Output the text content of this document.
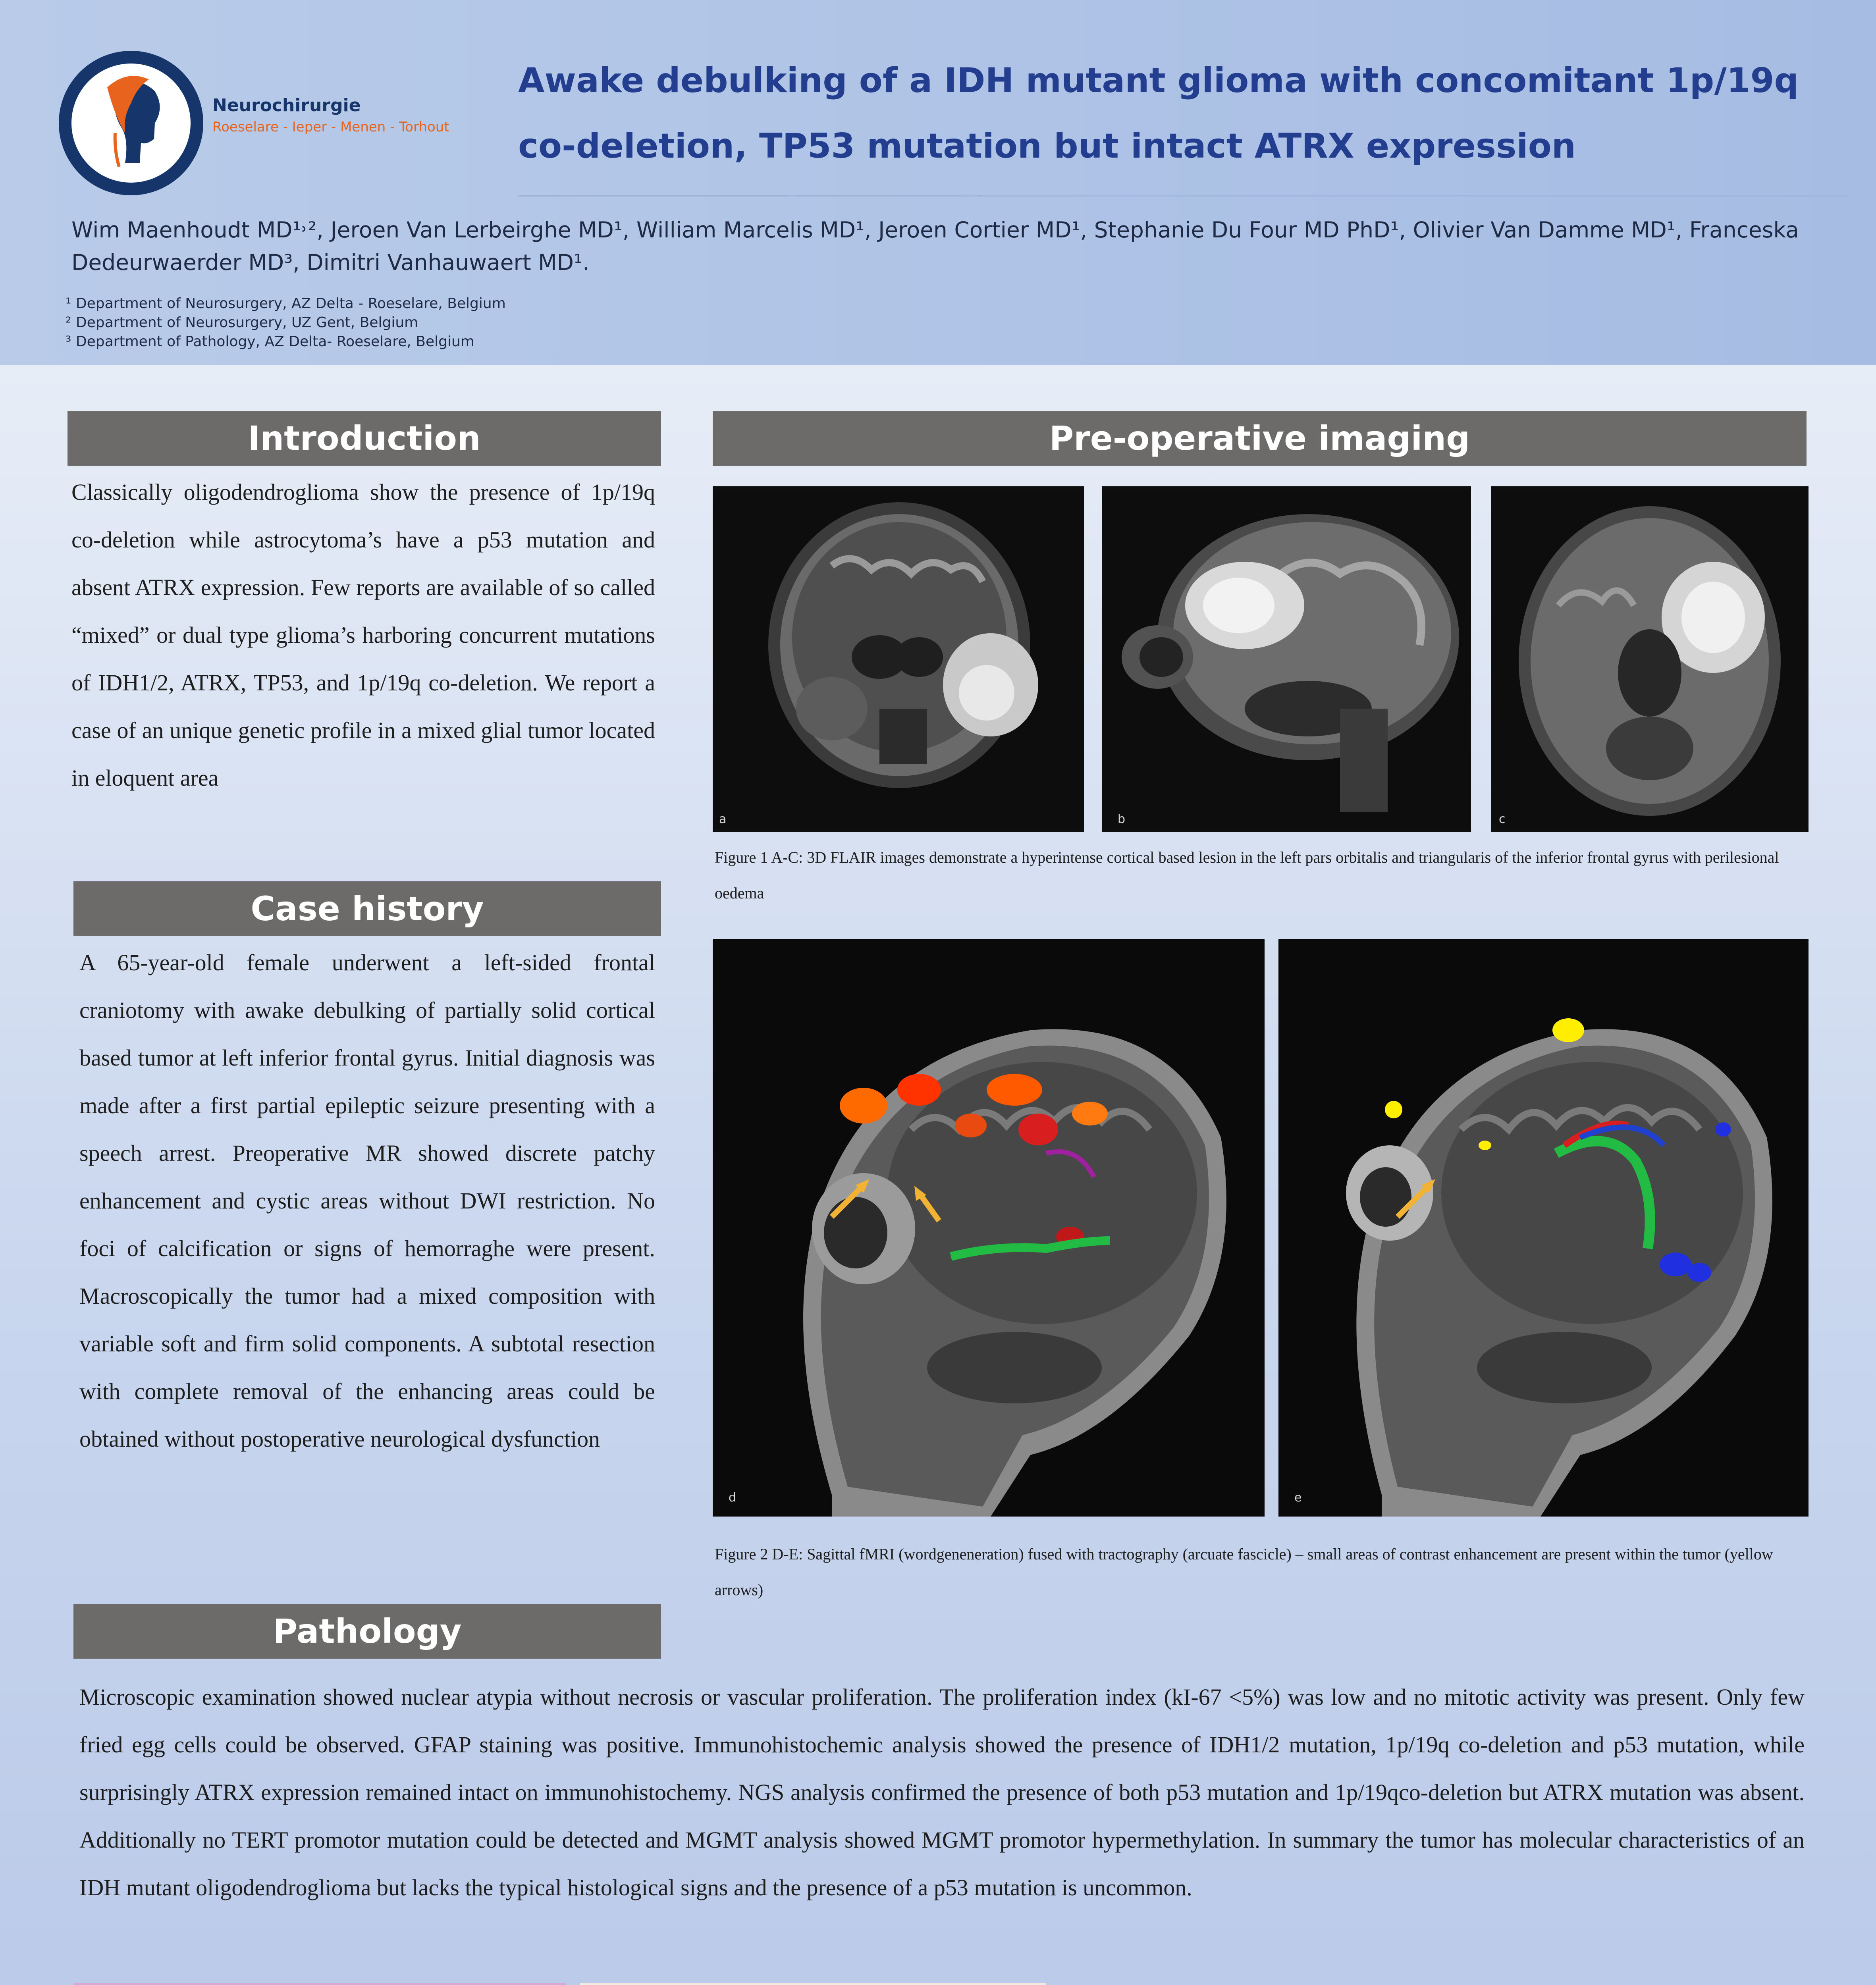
Neurochirurgie
Roeselare - Ieper - Menen - Torhout
Awake debulking of a IDH mutant glioma with concomitant 1p/19q
co-deletion, TP53 mutation but intact ATRX expression
Wim Maenhoudt MD¹˒², Jeroen Van Lerbeirghe MD¹, William Marcelis MD¹, Jeroen Cortier MD¹, Stephanie Du Four MD PhD¹, Olivier Van Damme MD¹, Franceska
Dedeurwaerder MD³, Dimitri Vanhauwaert MD¹.
¹ Department of Neurosurgery, AZ Delta - Roeselare, Belgium
² Department of Neurosurgery, UZ Gent, Belgium
³ Department of Pathology, AZ Delta- Roeselare, Belgium
Introduction
Classically oligodendroglioma show the presence of 1p/19q co-deletion while astrocytoma’s have a p53 mutation and absent ATRX expression. Few reports are available of so called “mixed” or dual type glioma’s harboring concurrent mutations of IDH1/2, ATRX, TP53, and 1p/19q co-deletion. We report a case of an unique genetic profile in a mixed glial tumor located in eloquent area
Case history
A 65-year-old female underwent a left-sided frontal craniotomy with awake debulking of partially solid cortical based tumor at left inferior frontal gyrus. Initial diagnosis was made after a first partial epileptic seizure presenting with a speech arrest. Preoperative MR showed discrete patchy enhancement and cystic areas without DWI restriction. No foci of calcification or signs of hemorraghe were present. Macroscopically the tumor had a mixed composition with variable soft and firm solid components. A subtotal resection with complete removal of the enhancing areas could be obtained without postoperative neurological dysfunction
Pre-operative imaging
a	b	c
Figure 1 A-C: 3D FLAIR images demonstrate a hyperintense cortical based lesion in the left pars orbitalis and triangularis of the inferior frontal gyrus with perilesional oedema
d	e
Figure 2 D-E: Sagittal fMRI (wordgeneneration) fused with tractography (arcuate fascicle) – small areas of contrast enhancement are present within the tumor (yellow arrows)
Pathology
Microscopic examination showed nuclear atypia without necrosis or vascular proliferation. The proliferation index (kI-67 <5%) was low and no mitotic activity was present. Only few fried egg cells could be observed. GFAP staining was positive. Immunohistochemic analysis showed the presence of IDH1/2 mutation, 1p/19q co-deletion and p53 mutation, while surprisingly ATRX expression remained intact on immunohistochemy. NGS analysis confirmed the presence of both p53 mutation and 1p/19qco-deletion but ATRX mutation was absent. Additionally no TERT promotor mutation could be detected and MGMT analysis showed MGMT promotor hypermethylation. In summary the tumor has molecular characteristics of an IDH mutant oligodendroglioma but lacks the typical histological signs and the presence of a p53 mutation is uncommon.
